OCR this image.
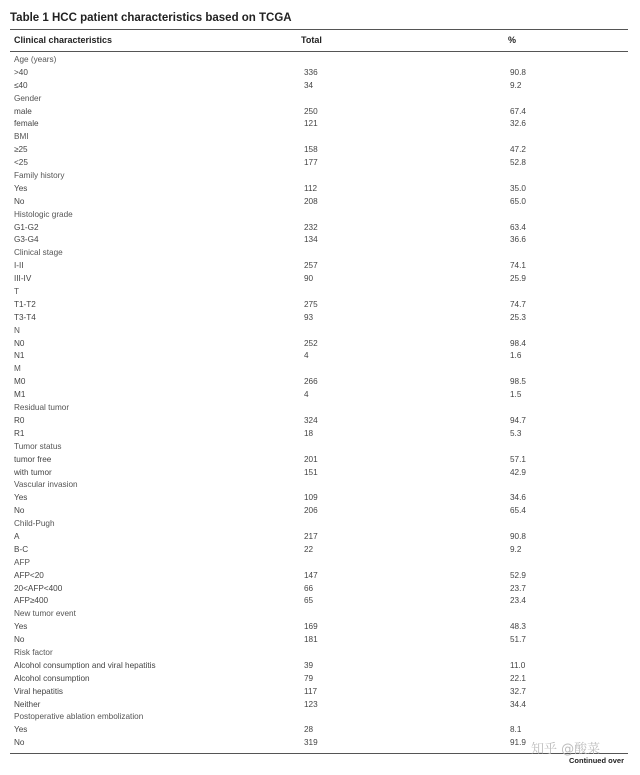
Table 1 HCC patient characteristics based on TCGA
Clinical characteristics	Total	%
Age (years)
>40	336	90.8
≤40	34	9.2
Gender
male	250	67.4
female	121	32.6
BMI
≥25	158	47.2
<25	177	52.8
Family history
Yes	112	35.0
No	208	65.0
Histologic grade
G1-G2	232	63.4
G3-G4	134	36.6
Clinical stage
I-II	257	74.1
III-IV	90	25.9
T
T1-T2	275	74.7
T3-T4	93	25.3
N
N0	252	98.4
N1	4	1.6
M
M0	266	98.5
M1	4	1.5
Residual tumor
R0	324	94.7
R1	18	5.3
Tumor status
tumor free	201	57.1
with tumor	151	42.9
Vascular invasion
Yes	109	34.6
No	206	65.4
Child-Pugh
A	217	90.8
B-C	22	9.2
AFP
AFP<20	147	52.9
20<AFP<400	66	23.7
AFP≥400	65	23.4
New tumor event
Yes	169	48.3
No	181	51.7
Risk factor
Alcohol consumption and viral hepatitis	39	11.0
Alcohol consumption	79	22.1
Viral hepatitis	117	32.7
Neither	123	34.4
Postoperative ablation embolization
Yes	28	8.1
No	319	91.9
Continued over
知乎 @酸菜
